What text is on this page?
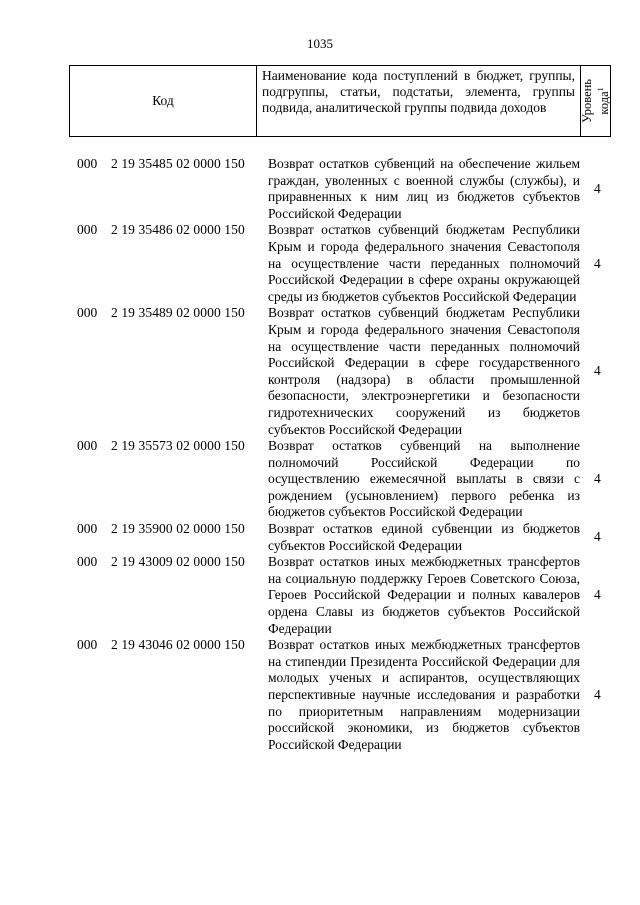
1035
Код
Наименование кода поступлений в бюджет, группы, подгруппы, статьи, подстатьи, элемента, группы подвида, аналитической группы подвида доходов	Уровень кода$^1$
000 2 19 35485 02 0000 150 Возврат остатков субвенций на обеспечение жильем граждан, уволенных с военной службы (службы), и приравненных к ним лиц из бюджетов субъектов Российской Федерации
4
000 2 19 35486 02 0000 150 Возврат остатков субвенций бюджетам Республики Крым и города федерального значения Севастополя на осуществление части переданных полномочий Российской Федерации в сфере охраны окружающей среды из бюджетов субъектов Российской Федерации
4
000 2 19 35489 02 0000 150 Возврат остатков субвенций бюджетам Республики Крым и города федерального значения Севастополя на осуществление части переданных полномочий Российской Федерации в сфере государственного контроля (надзора) в области промышленной безопасности, электроэнергетики и безопасности гидротехнических сооружений из бюджетов субъектов Российской Федерации
4
000 2 19 35573 02 0000 150 Возврат остатков субвенций на выполнение полномочий Российской Федерации по осуществлению ежемесячной выплаты в связи с рождением (усыновлением) первого ребенка из бюджетов субъектов Российской Федерации
4
000 2 19 35900 02 0000 150 Возврат остатков единой субвенции из бюджетов субъектов Российской Федерации
4
000 2 19 43009 02 0000 150 Возврат остатков иных межбюджетных трансфертов на социальную поддержку Героев Советского Союза, Героев Российской Федерации и полных кавалеров ордена Славы из бюджетов субъектов Российской Федерации
4
000 2 19 43046 02 0000 150 Возврат остатков иных межбюджетных трансфертов на стипендии Президента Российской Федерации для молодых ученых и аспирантов, осуществляющих перспективные научные исследования и разработки по приоритетным направлениям модернизации российской экономики, из бюджетов субъектов Российской Федерации
4
